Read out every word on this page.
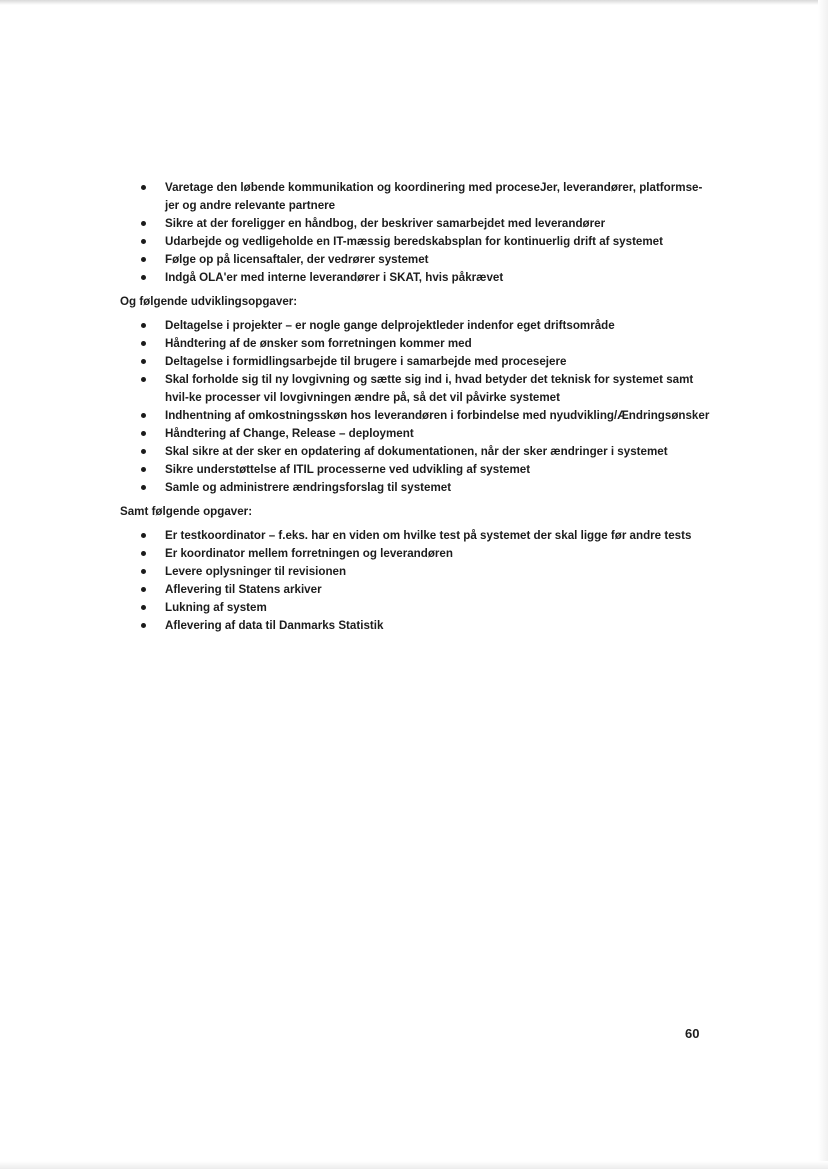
Varetage den løbende kommunikation og koordinering med proceseJer, leverandører, platformse-jer og andre relevante partnere
Sikre at der foreligger en håndbog, der beskriver samarbejdet med leverandører
Udarbejde og vedligeholde en IT-mæssig beredskabsplan for kontinuerlig drift af systemet
Følge op på licensaftaler, der vedrører systemet
Indgå OLA'er med interne leverandører i SKAT, hvis påkrævet

Og følgende udviklingsopgaver:

Deltagelse i projekter – er nogle gange delprojektleder indenfor eget driftsområde
Håndtering af de ønsker som forretningen kommer med
Deltagelse i formidlingsarbejde til brugere i samarbejde med procesejere
Skal forholde sig til ny lovgivning og sætte sig ind i, hvad betyder det teknisk for systemet samt hvil-ke processer vil lovgivningen ændre på, så det vil påvirke systemet
Indhentning af omkostningsskøn hos leverandøren i forbindelse med nyudvikling/Ændringsønsker
Håndtering af Change, Release – deployment
Skal sikre at der sker en opdatering af dokumentationen, når der sker ændringer i systemet
Sikre understøttelse af ITIL processerne ved udvikling af systemet
Samle og administrere ændringsforslag til systemet

Samt følgende opgaver:

Er testkoordinator – f.eks. har en viden om hvilke test på systemet der skal ligge før andre tests
Er koordinator mellem forretningen og leverandøren
Levere oplysninger til revisionen
Aflevering til Statens arkiver
Lukning af system
Aflevering af data til Danmarks Statistik
60
